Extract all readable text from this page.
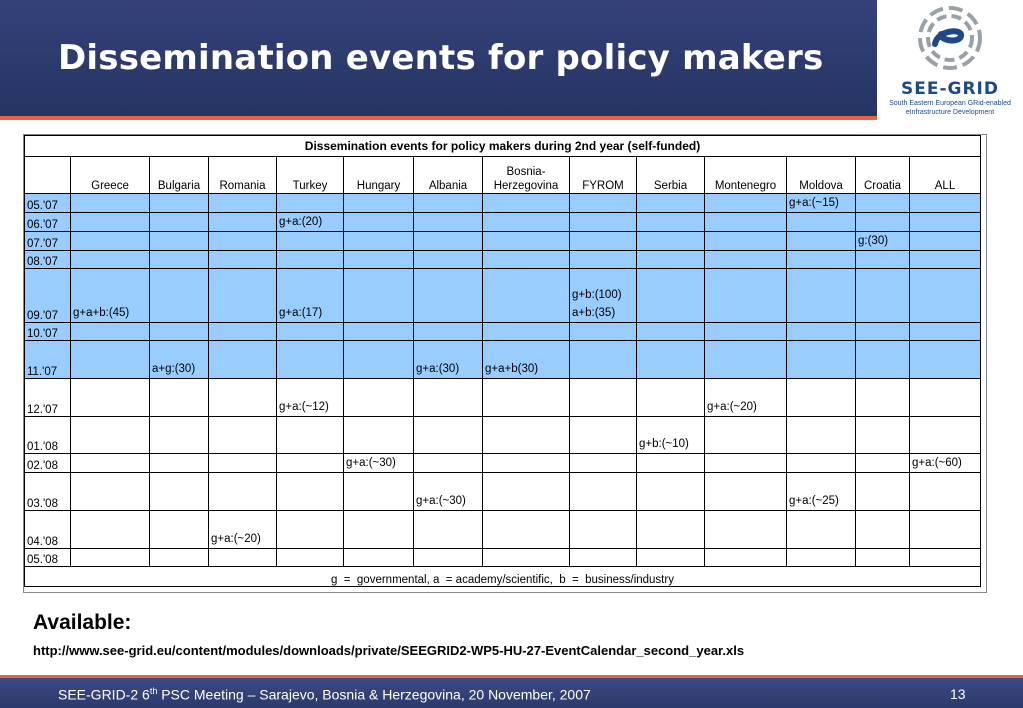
Dissemination events for policy makers
SEE-GRID
South Eastern European GRid-enabled
eInfrastructure Development
Dissemination events for policy makers during 2nd year (self-funded)													
	Greece	Bulgaria	Romania	Turkey	Hungary	Albania	Bosnia-
Herzegovina	FYROM	Serbia	Montenegro	Moldova	Croatia	ALL
05.'07											g+a:(~15)		
06.'07				g+a:(20)									
07.'07												g:(30)	
08.'07													
09.'07	g+a+b:(45)			g+a:(17)				g+b:(100)
a+b:(35)					
10.'07													
11.'07		a+g:(30)				g+a:(30)	g+a+b(30)						
12.'07				g+a:(~12)						g+a:(~20)			
01.'08									g+b:(~10)				
02.'08					g+a:(~30)								g+a:(~60)
03.'08						g+a:(~30)					g+a:(~25)		
04.'08			g+a:(~20)										
05.'08													
g  =  governmental, a  = academy/scientific,  b  =  business/industry													
Available:
http://www.see-grid.eu/content/modules/downloads/private/SEEGRID2-WP5-HU-27-EventCalendar_second_year.xls
SEE-GRID-2 6th PSC Meeting – Sarajevo, Bosnia & Herzegovina, 20 November, 2007	13
